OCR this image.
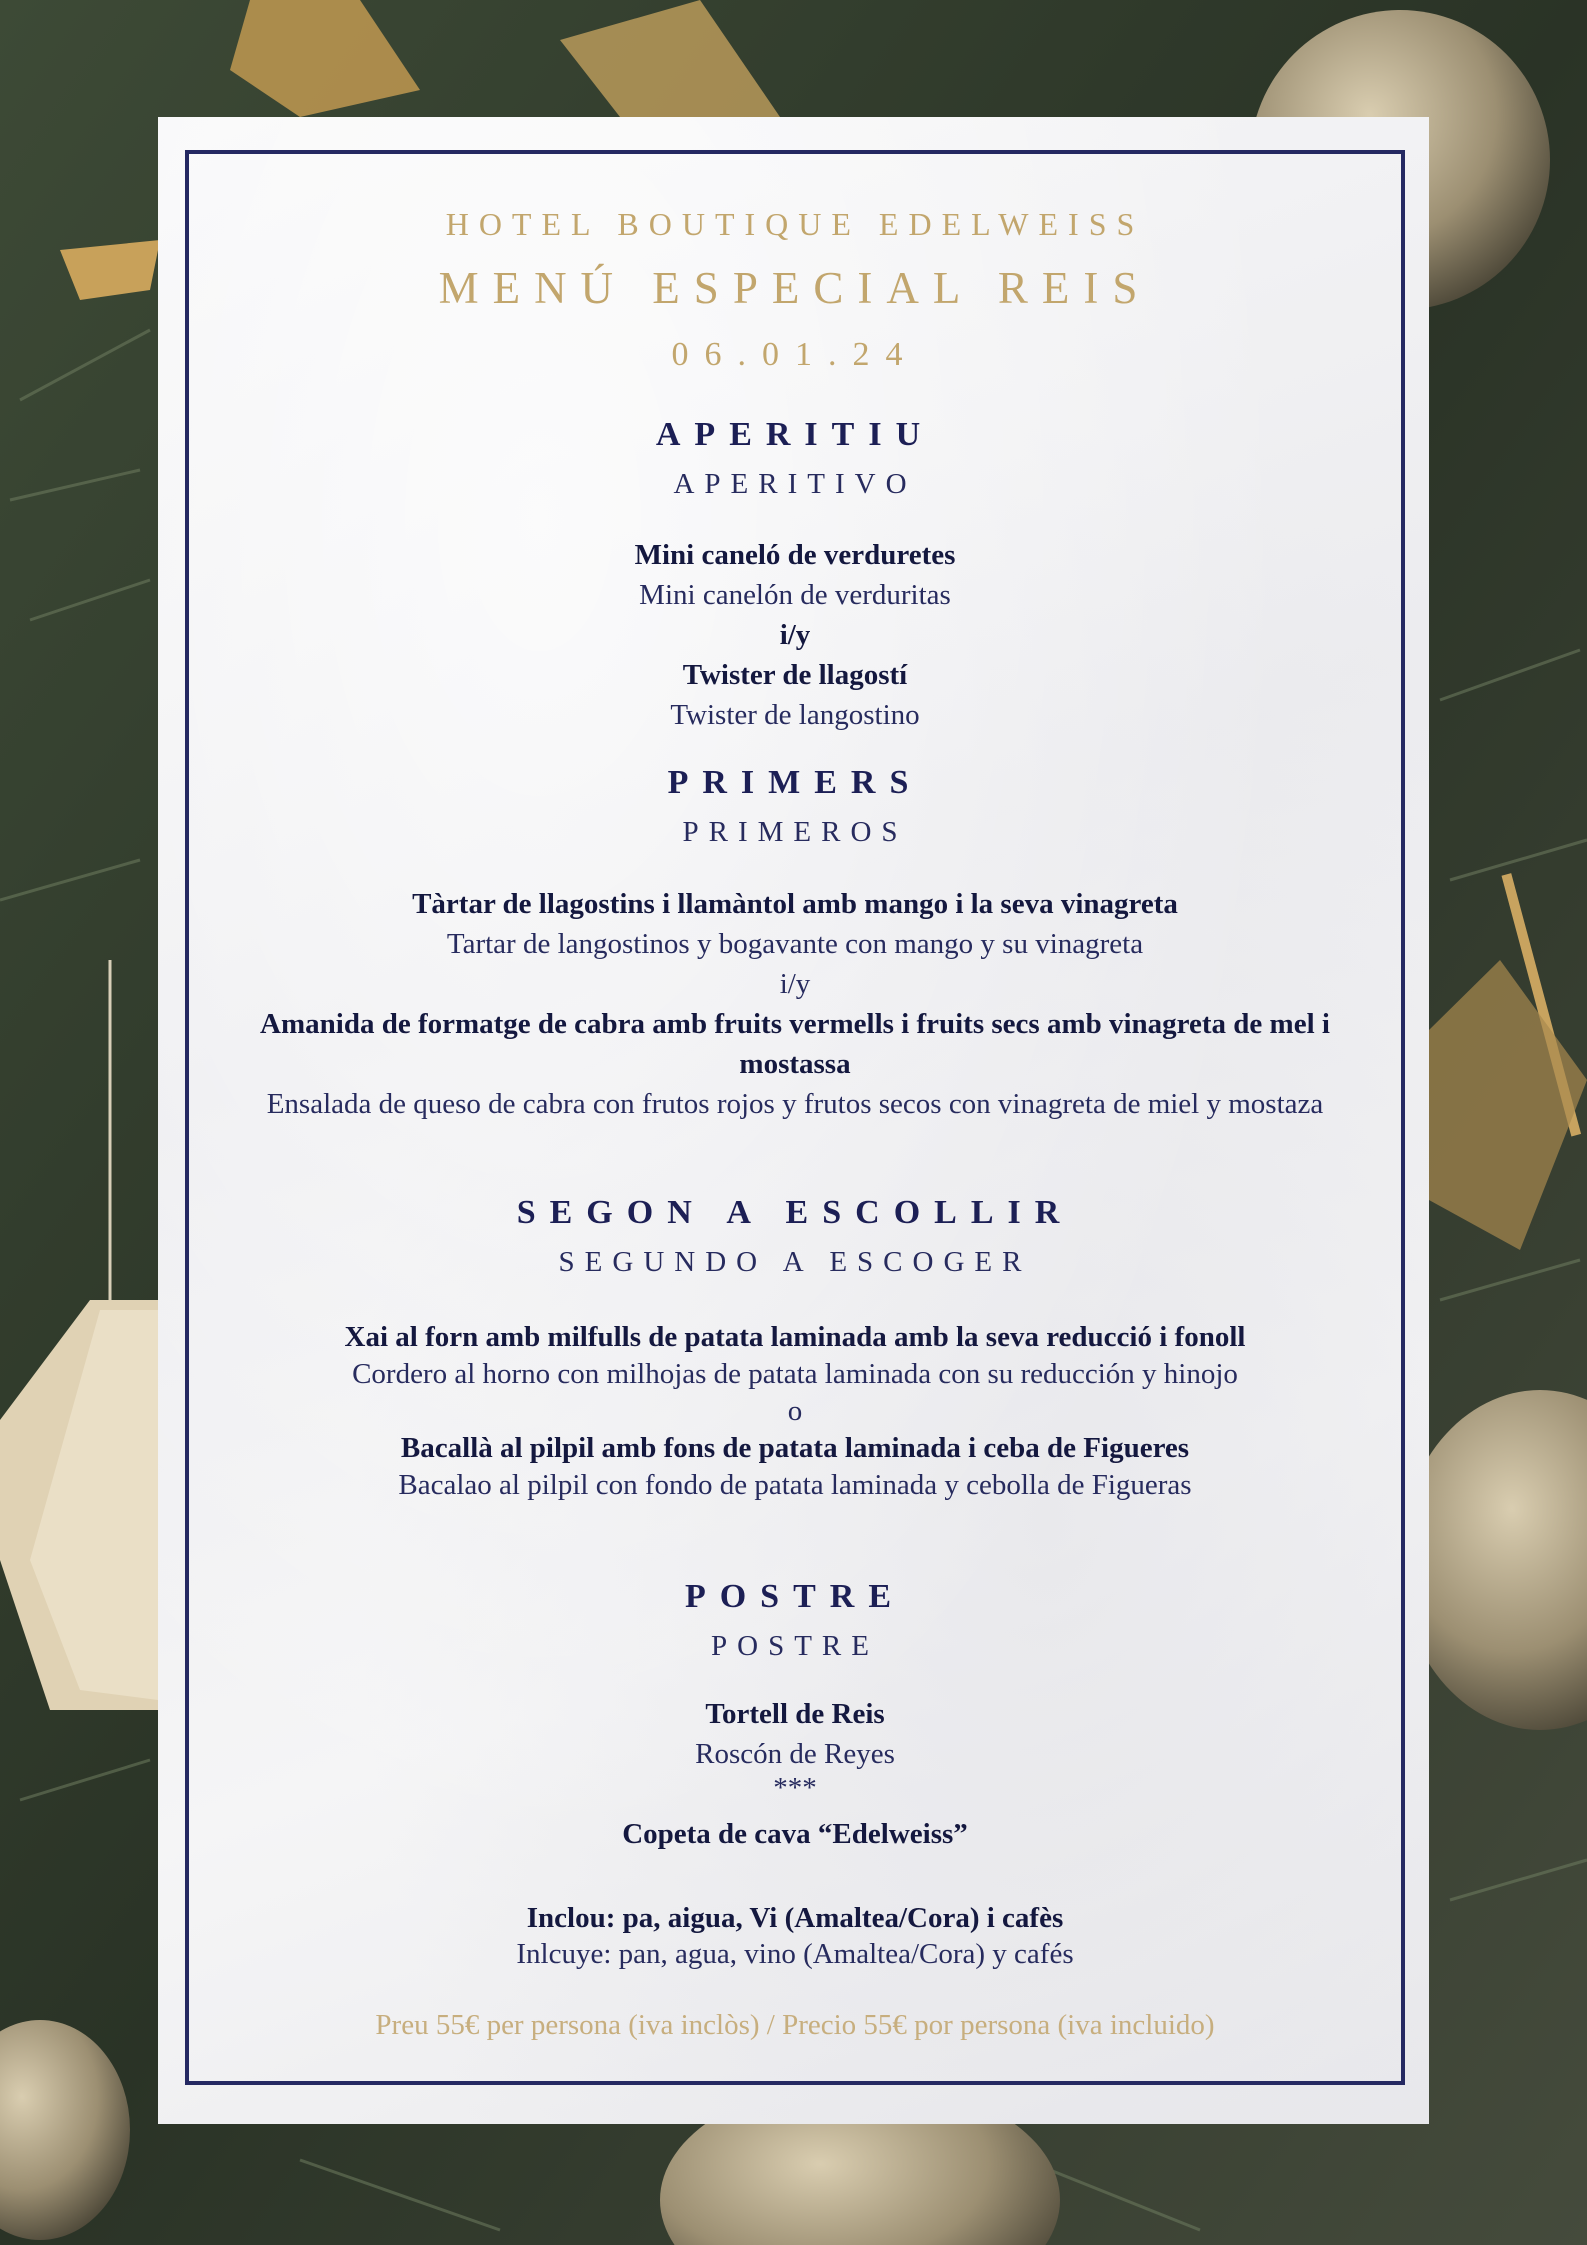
HOTEL BOUTIQUE EDELWEISS
MENÚ ESPECIAL REIS
06.01.24
APERITIU
APERITIVO
Mini caneló de verduretes
Mini canelón de verduritas
i/y
Twister de llagostí
Twister de langostino
PRIMERS
PRIMEROS
Tàrtar de llagostins i llamàntol amb mango i la seva vinagreta
Tartar de langostinos y bogavante con mango y su vinagreta
i/y
Amanida de formatge de cabra amb fruits vermells i fruits secs amb vinagreta de mel i mostassa
Ensalada de queso de cabra con frutos rojos y frutos secos con vinagreta de miel y mostaza
SEGON A ESCOLLIR
SEGUNDO A ESCOGER
Xai al forn amb milfulls de patata laminada amb la seva reducció i fonoll
Cordero al horno con milhojas de patata laminada con su reducción y hinojo
o
Bacallà al pilpil amb fons de patata laminada i ceba de Figueres
Bacalao al pilpil con fondo de patata laminada y cebolla de Figueras
POSTRE
POSTRE
Tortell de Reis
Roscón de Reyes
***
Copeta de cava “Edelweiss”
Inclou: pa, aigua, Vi (Amaltea/Cora) i cafès
Inlcuye: pan, agua, vino (Amaltea/Cora) y cafés
Preu 55€ per persona (iva inclòs) / Precio 55€ por persona (iva incluido)
